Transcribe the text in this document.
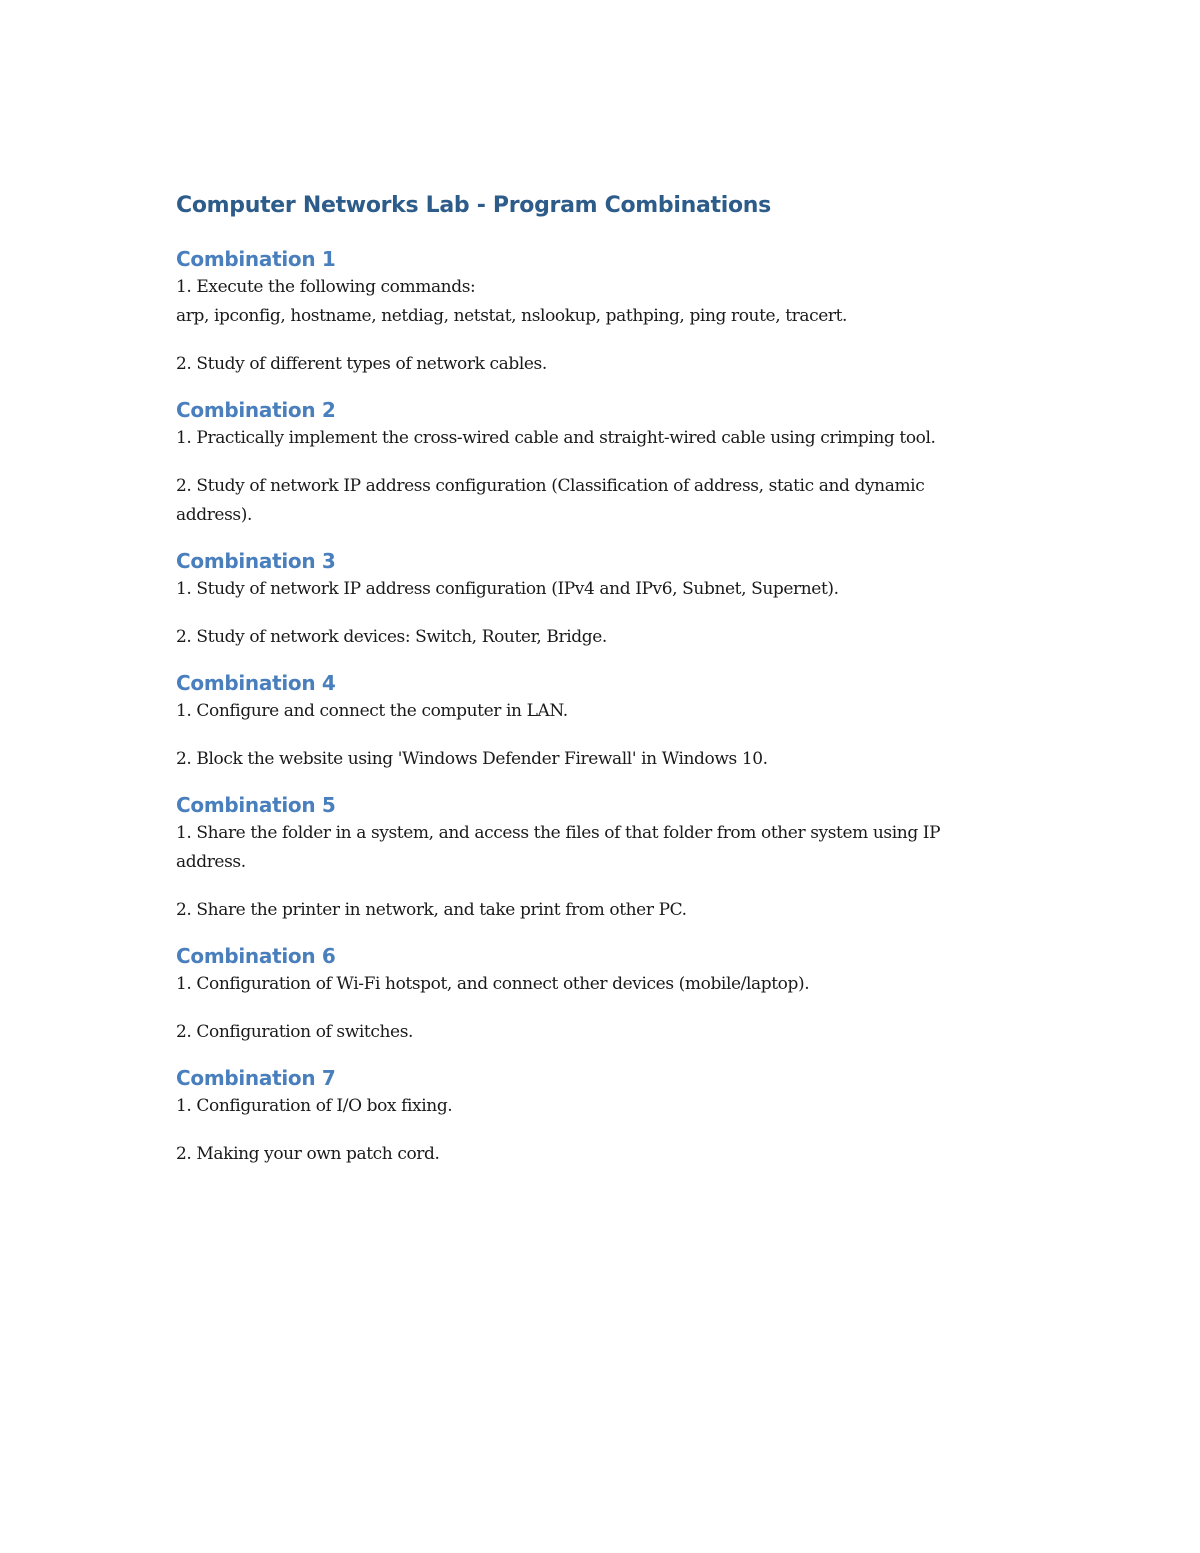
Computer Networks Lab - Program Combinations
Combination 1

1. Execute the following commands:
arp, ipconfig, hostname, netdiag, netstat, nslookup, pathping, ping route, tracert.

2. Study of different types of network cables.

Combination 2

1. Practically implement the cross-wired cable and straight-wired cable using crimping tool.

2. Study of network IP address configuration (Classification of address, static and dynamic
address).

Combination 3

1. Study of network IP address configuration (IPv4 and IPv6, Subnet, Supernet).

2. Study of network devices: Switch, Router, Bridge.

Combination 4

1. Configure and connect the computer in LAN.

2. Block the website using 'Windows Defender Firewall' in Windows 10.

Combination 5

1. Share the folder in a system, and access the files of that folder from other system using IP
address.

2. Share the printer in network, and take print from other PC.

Combination 6

1. Configuration of Wi-Fi hotspot, and connect other devices (mobile/laptop).

2. Configuration of switches.

Combination 7

1. Configuration of I/O box fixing.

2. Making your own patch cord.
